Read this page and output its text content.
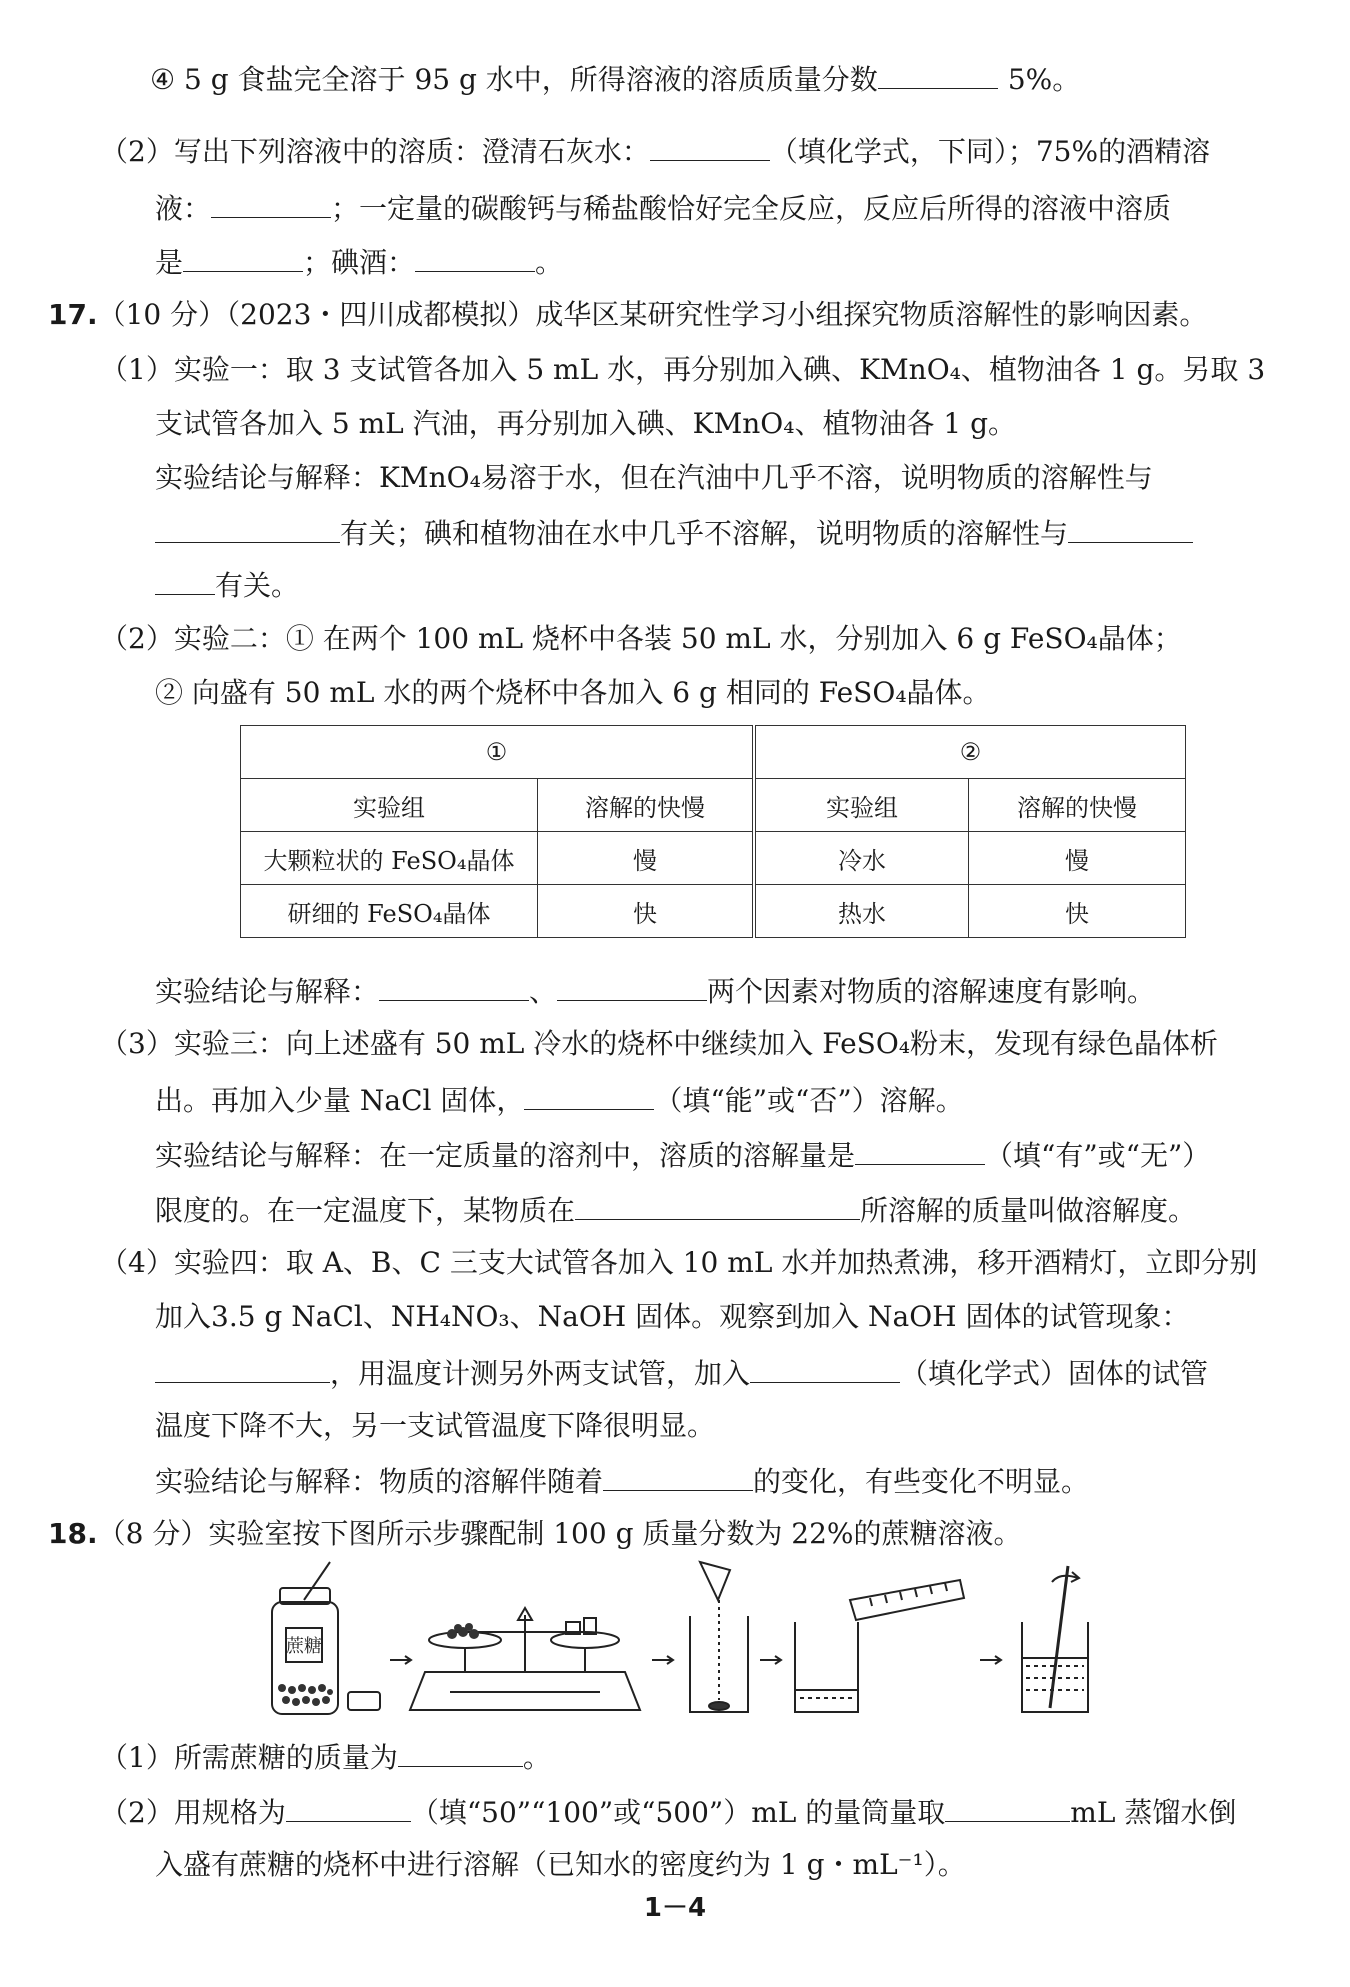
④ 5 g 食盐完全溶于 95 g 水中，所得溶液的溶质质量分数	5%。
（2）写出下列溶液中的溶质：澄清石灰水：	（填化学式，下同）；75%的酒精溶
液：	；一定量的碳酸钙与稀盐酸恰好完全反应，反应后所得的溶液中溶质
是	；碘酒：	。
17.（10 分）（2023・四川成都模拟）成华区某研究性学习小组探究物质溶解性的影响因素。
（1）实验一：取 3 支试管各加入 5 mL 水，再分别加入碘、KMnO₄、植物油各 1 g。另取 3
支试管各加入 5 mL 汽油，再分别加入碘、KMnO₄、植物油各 1 g。
实验结论与解释：KMnO₄易溶于水，但在汽油中几乎不溶，说明物质的溶解性与
有关；碘和植物油在水中几乎不溶解，说明物质的溶解性与
有关。
（2）实验二：① 在两个 100 mL 烧杯中各装 50 mL 水，分别加入 6 g FeSO₄晶体；
② 向盛有 50 mL 水的两个烧杯中各加入 6 g 相同的 FeSO₄晶体。
①		②	
实验组	溶解的快慢	实验组	溶解的快慢
大颗粒状的 FeSO₄晶体	慢	冷水	慢
研细的 FeSO₄晶体	快	热水	快
实验结论与解释：	、	两个因素对物质的溶解速度有影响。
（3）实验三：向上述盛有 50 mL 冷水的烧杯中继续加入 FeSO₄粉末，发现有绿色晶体析
出。再加入少量 NaCl 固体，	（填“能”或“否”）溶解。
实验结论与解释：在一定质量的溶剂中，溶质的溶解量是	（填“有”或“无”）
限度的。在一定温度下，某物质在	所溶解的质量叫做溶解度。
（4）实验四：取 A、B、C 三支大试管各加入 10 mL 水并加热煮沸，移开酒精灯，立即分别
加入3.5 g NaCl、NH₄NO₃、NaOH 固体。观察到加入 NaOH 固体的试管现象：
，用温度计测另外两支试管，加入	（填化学式）固体的试管
温度下降不大，另一支试管温度下降很明显。
实验结论与解释：物质的溶解伴随着	的变化，有些变化不明显。
18.（8 分）实验室按下图所示步骤配制 100 g 质量分数为 22%的蔗糖溶液。
蔗糖
（1）所需蔗糖的质量为	。
（2）用规格为	（填“50”“100”或“500”）mL 的量筒量取	mL 蒸馏水倒
入盛有蔗糖的烧杯中进行溶解（已知水的密度约为 1 g・mL⁻¹）。
1－4
